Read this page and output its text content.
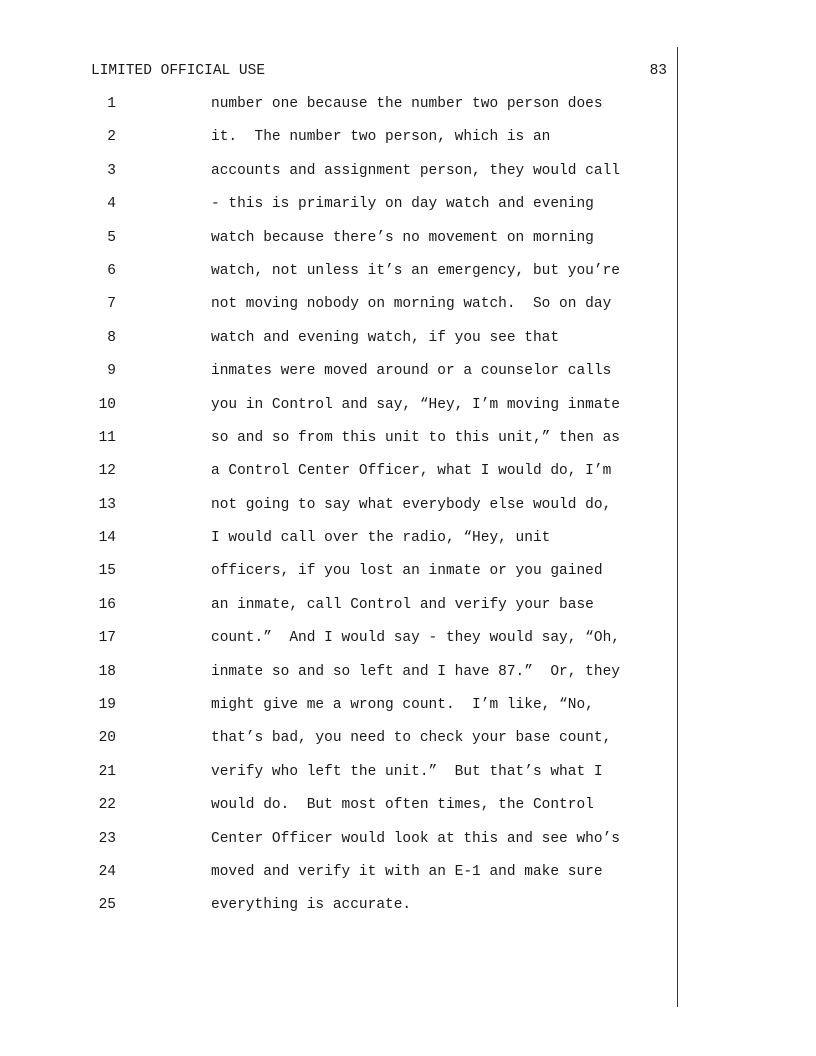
LIMITED OFFICIAL USE	83
1	number one because the number two person does
2	it.  The number two person, which is an
3	accounts and assignment person, they would call
4	- this is primarily on day watch and evening
5	watch because there’s no movement on morning
6	watch, not unless it’s an emergency, but you’re
7	not moving nobody on morning watch.  So on day
8	watch and evening watch, if you see that
9	inmates were moved around or a counselor calls
10	you in Control and say, “Hey, I’m moving inmate
11	so and so from this unit to this unit,” then as
12	a Control Center Officer, what I would do, I’m
13	not going to say what everybody else would do,
14	I would call over the radio, “Hey, unit
15	officers, if you lost an inmate or you gained
16	an inmate, call Control and verify your base
17	count.”  And I would say - they would say, “Oh,
18	inmate so and so left and I have 87.”  Or, they
19	might give me a wrong count.  I’m like, “No,
20	that’s bad, you need to check your base count,
21	verify who left the unit.”  But that’s what I
22	would do.  But most often times, the Control
23	Center Officer would look at this and see who’s
24	moved and verify it with an E-1 and make sure
25	everything is accurate.
